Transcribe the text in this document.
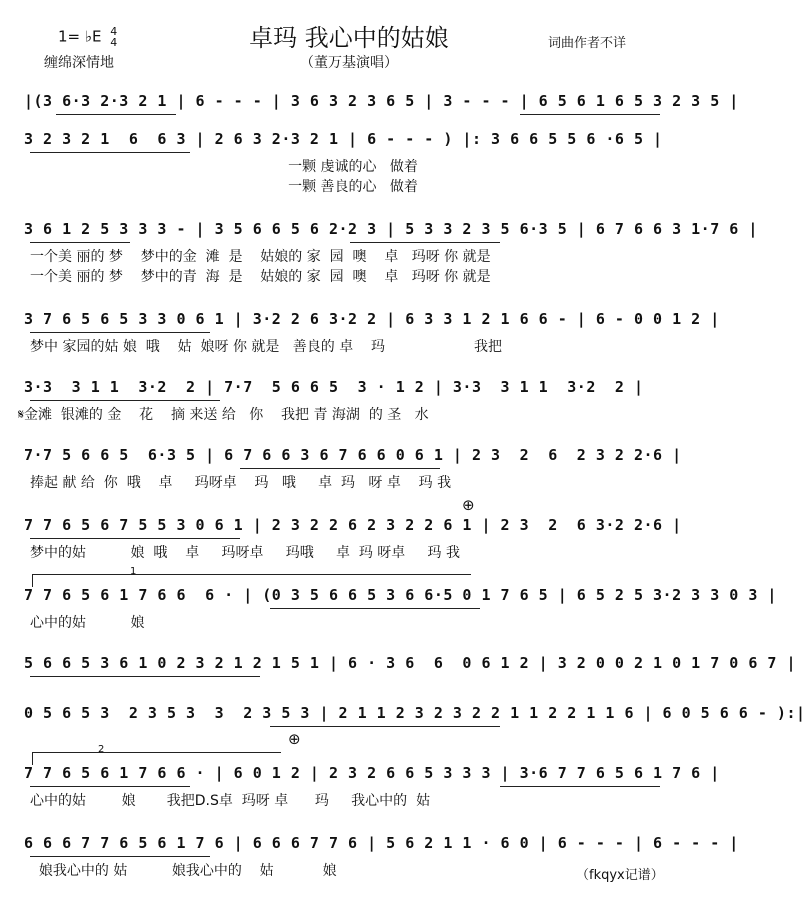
1= ♭E 4
4
缠绵深情地
卓玛 我心中的姑娘
（董万基演唱）
词曲作者不详
|(3 6·3 2·3 2 1 | 6 - - - | 3 6 3 2 3 6 5 | 3 - - - | 6 5 6 1 6 5 3 2 3 5 |
3 2 3 2 1  6  6 3 | 2 6 3 2·3 2 1 | 6 - - - ) |: 3 6 6 5 5 6 ·6 5 |
一颗 虔诚的心   做着
一颗 善良的心   做着
3 6 1 2 5 3 3 3 - | 3 5 6 6 5 6 2·2 3 | 5 3 3 2 3 5 6·3 5 | 6 7 6 6 3 1·7 6 |
一个美 丽的 梦    梦中的金  滩  是    姑娘的 家  园  噢    卓   玛呀 你 就是
一个美 丽的 梦    梦中的青  海  是    姑娘的 家  园  噢    卓   玛呀 你 就是
3 7 6 5 6 5 3 3 0 6 1 | 3·2 2 6 3·2 2 | 6 3 3 1 2 1 6 6 - | 6 - 0 0 1 2 |
梦中 家园的姑 娘  哦    姑  娘呀 你 就是   善良的 卓    玛                    我把
3·3  3 1 1  3·2  2 | 7·7  5 6 6 5  3 · 1 2 | 3·3  3 1 1  3·2  2 |
𝄋金滩  银滩的 金    花    摘 来送 给   你    我把 青 海湖  的 圣   水
7·7 5 6 6 5  6·3 5 | 6 7 6 6 3 6 7 6 6 0 6 1 | 2 3  2  6  2 3 2 2·6 |
捧起 献 给  你  哦    卓     玛呀卓    玛   哦     卓  玛   呀 卓    玛 我
⊕
7 7 6 5 6 7 5 5 3 0 6 1 | 2 3 2 2 6 2 3 2 2 6 1 | 2 3  2  6 3·2 2·6 |
梦中的姑          娘  哦    卓     玛呀卓     玛哦     卓  玛 呀卓     玛 我
1
7 7 6 5 6 1 7 6 6  6 · | (0 3 5 6 6 5 3 6 6·5 0 1 7 6 5 | 6 5 2 5 3·2 3 3 0 3 |
心中的姑          娘
5 6 6 5 3 6 1 0 2 3 2 1 2 1 5 1 | 6 · 3 6  6  0 6 1 2 | 3 2 0 0 2 1 0 1 7 0 6 7 |
0 5 6 5 3  2 3 5 3  3  2 3 5 3 | 2 1 1 2 3 2 3 2 2 1 1 2 2 1 1 6 | 6 0 5 6 6 - ):|
⊕
2
7 7 6 5 6 1 7 6 6 · | 6 0 1 2 | 2 3 2 6 6 5 3 3 3 | 3·6 7 7 6 5 6 1 7 6 |
心中的姑        娘       我把D.S卓  玛呀 卓      玛     我心中的  姑
6 6 6 7 7 6 5 6 1 7 6 | 6 6 6 7 7 6 | 5 6 2 1 1 · 6 0 | 6 - - - | 6 - - - |
娘我心中的 姑          娘我心中的    姑           娘	（fkqyx记谱）
